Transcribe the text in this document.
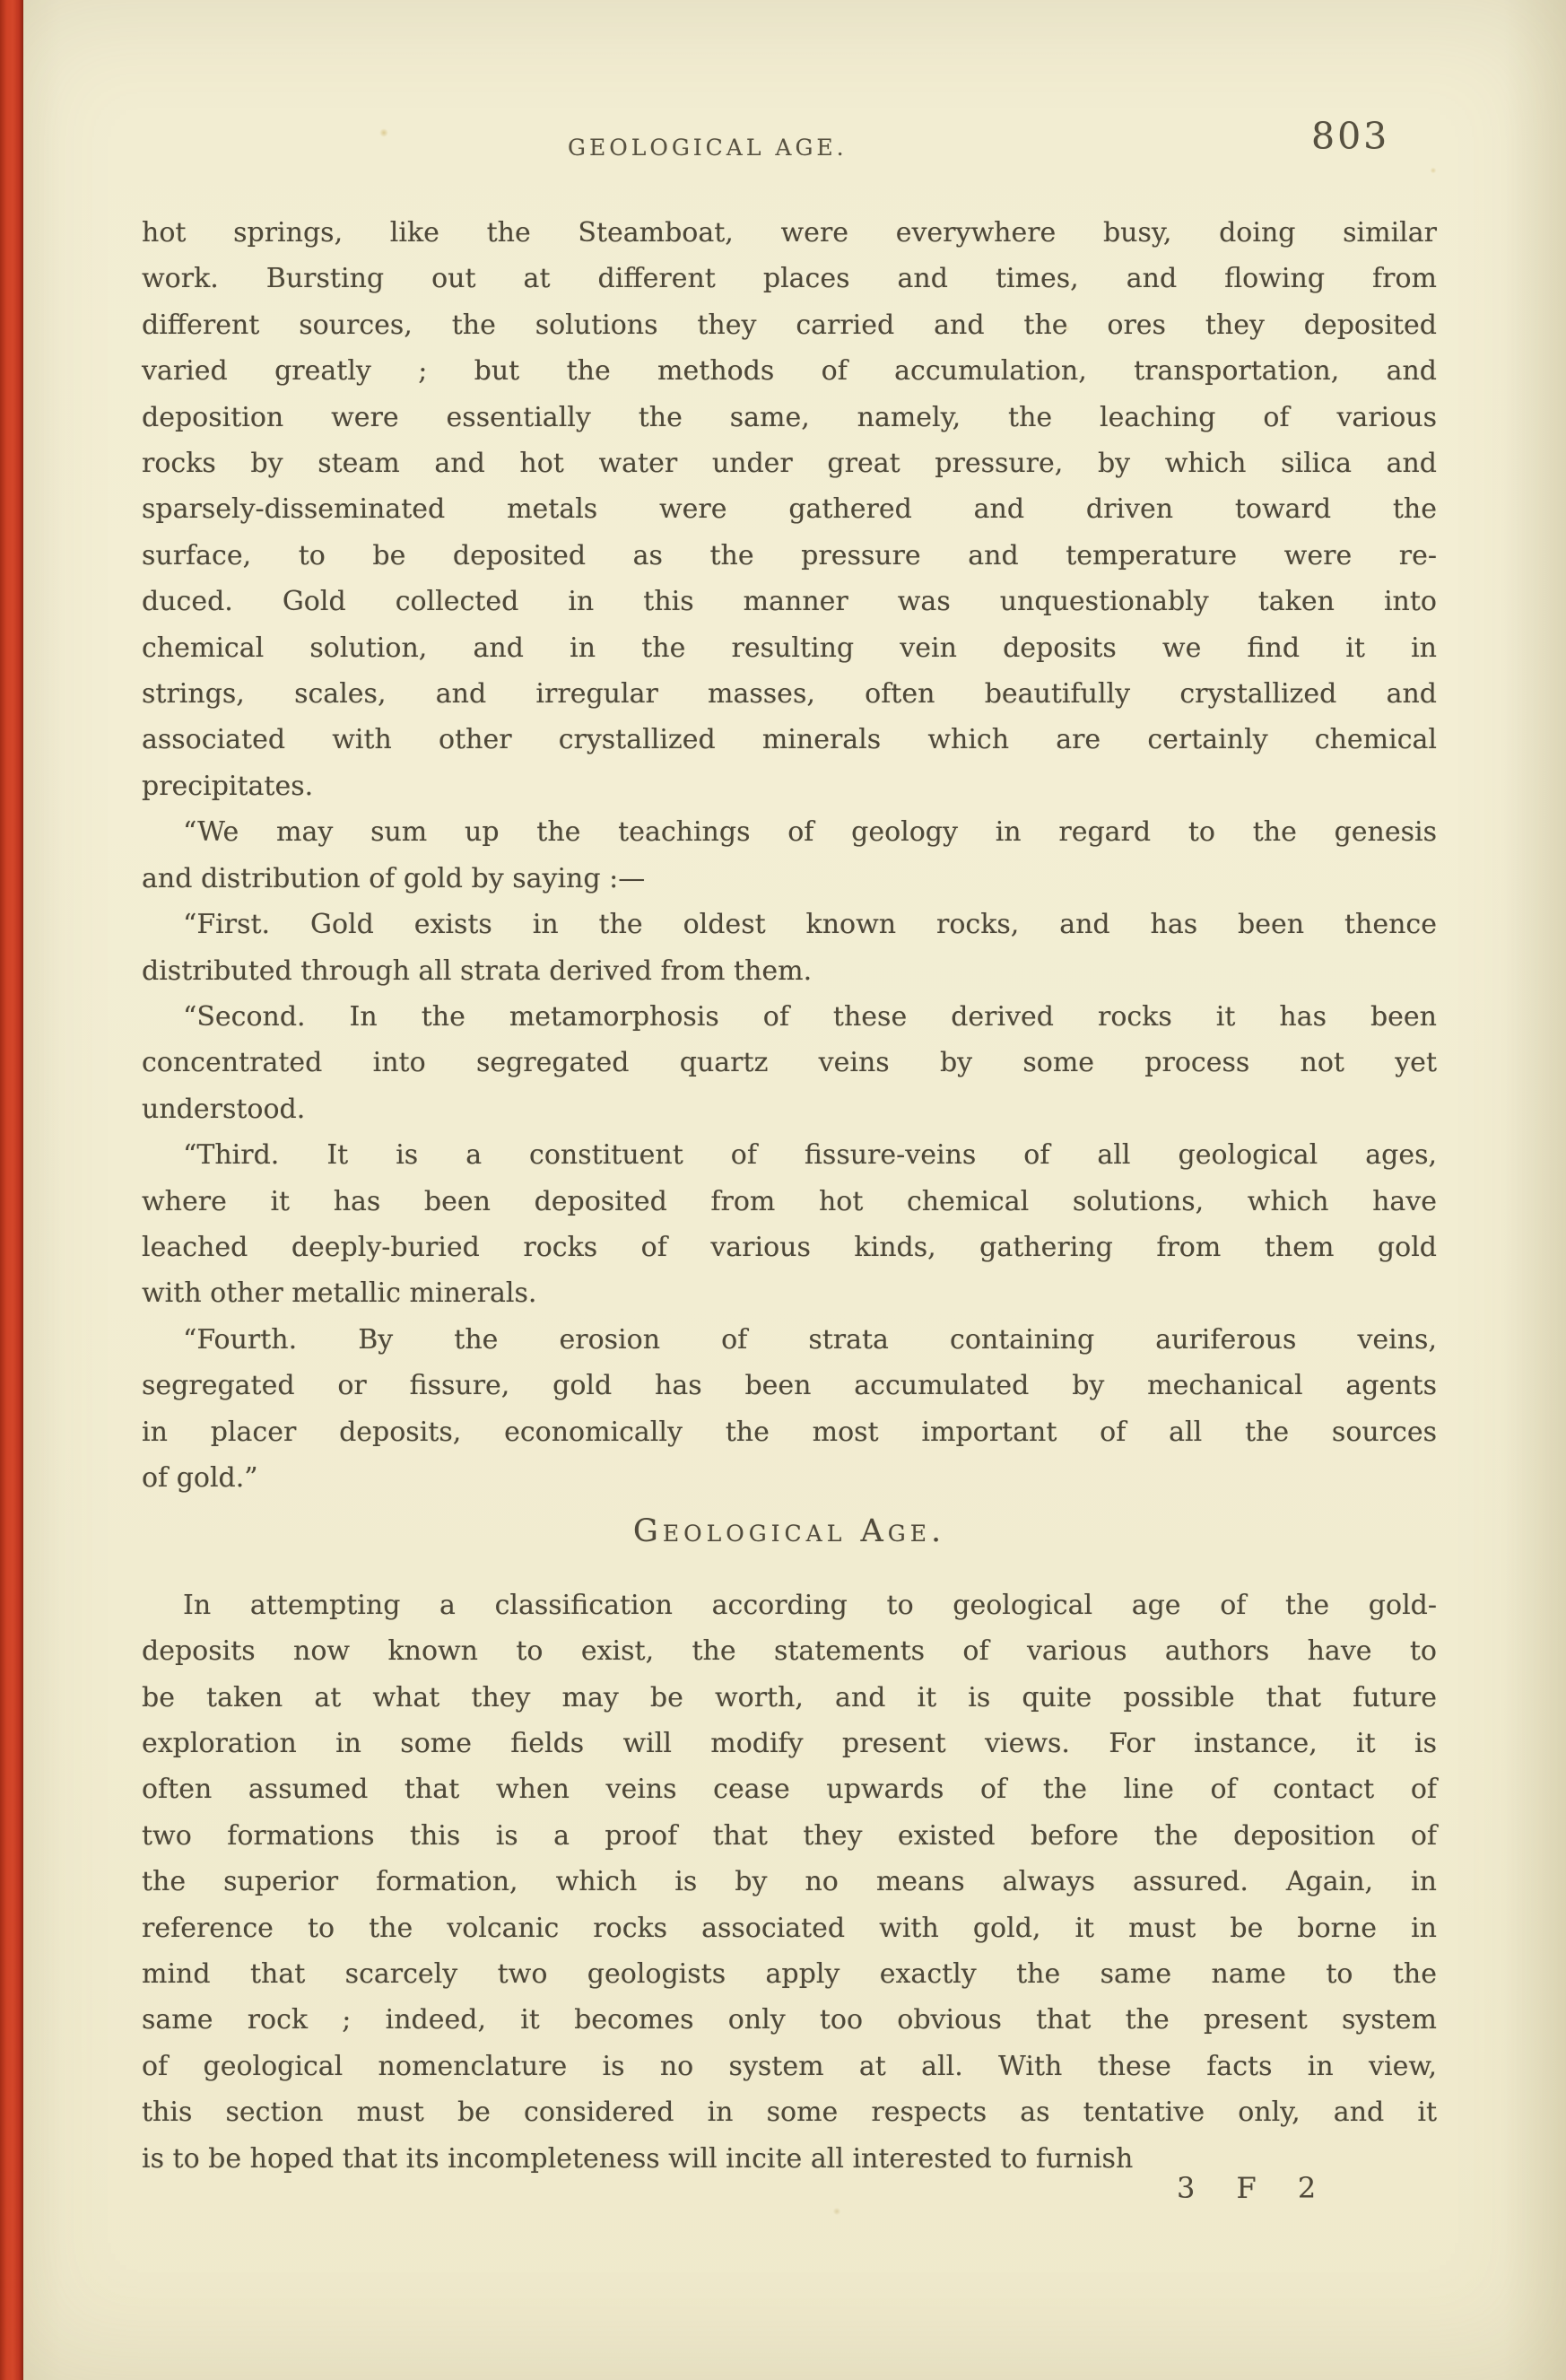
GEOLOGICAL AGE.	803
hot springs, like the Steamboat, were everywhere busy, doing similar
work. Bursting out at different places and times, and flowing from
different sources, the solutions they carried and the ores they deposited
varied greatly ; but the methods of accumulation, transportation, and
deposition were essentially the same, namely, the leaching of various
rocks by steam and hot water under great pressure, by which silica and
sparsely-disseminated metals were gathered and driven toward the
surface, to be deposited as the pressure and temperature were re-
duced. Gold collected in this manner was unquestionably taken into
chemical solution, and in the resulting vein deposits we find it in
strings, scales, and irregular masses, often beautifully crystallized and
associated with other crystallized minerals which are certainly chemical
precipitates.
“We may sum up the teachings of geology in regard to the genesis
and distribution of gold by saying :—
“First. Gold exists in the oldest known rocks, and has been thence
distributed through all strata derived from them.
“Second. In the metamorphosis of these derived rocks it has been
concentrated into segregated quartz veins by some process not yet
understood.
“Third. It is a constituent of fissure-veins of all geological ages,
where it has been deposited from hot chemical solutions, which have
leached deeply-buried rocks of various kinds, gathering from them gold
with other metallic minerals.
“Fourth. By the erosion of strata containing auriferous veins,
segregated or fissure, gold has been accumulated by mechanical agents
in placer deposits, economically the most important of all the sources
of gold.”
Geological Age.
In attempting a classification according to geological age of the gold-
deposits now known to exist, the statements of various authors have to
be taken at what they may be worth, and it is quite possible that future
exploration in some fields will modify present views. For instance, it is
often assumed that when veins cease upwards of the line of contact of
two formations this is a proof that they existed before the deposition of
the superior formation, which is by no means always assured. Again, in
reference to the volcanic rocks associated with gold, it must be borne in
mind that scarcely two geologists apply exactly the same name to the
same rock ; indeed, it becomes only too obvious that the present system
of geological nomenclature is no system at all. With these facts in view,
this section must be considered in some respects as tentative only, and it
is to be hoped that its incompleteness will incite all interested to furnish
3 F 2
